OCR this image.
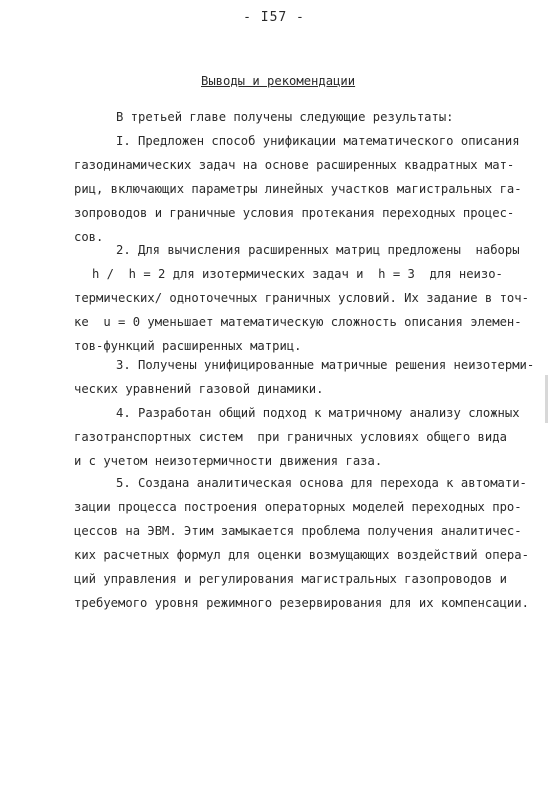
- I57 -
Выводы и рекомендации
В третьей главе получены следующие результаты:
I. Предложен способ унификации математического описания
газодинамических задач на основе расширенных квадратных мат-
риц, включающих параметры линейных участков магистральных га-
зопроводов и граничные условия протекания переходных процес-
сов.
2. Для вычисления расширенных матриц предложены  наборы
h /  h = 2 для изотермических задач и  h = 3  для неизо-
термических/ одноточечных граничных условий. Их задание в точ-
ке  u = 0 уменьшает математическую сложность описания элемен-
тов-функций расширенных матриц.
3. Получены унифицированные матричные решения неизотерми-
ческих уравнений газовой динамики.
4. Разработан общий подход к матричному анализу сложных
газотранспортных систем  при граничных условиях общего вида
и с учетом неизотермичности движения газа.
5. Создана аналитическая основа для перехода к автомати-
зации процесса построения операторных моделей переходных про-
цессов на ЭВМ. Этим замыкается проблема получения аналитичес-
ких расчетных формул для оценки возмущающих воздействий опера-
ций управления и регулирования магистральных газопроводов и
требуемого уровня режимного резервирования для их компенсации.
